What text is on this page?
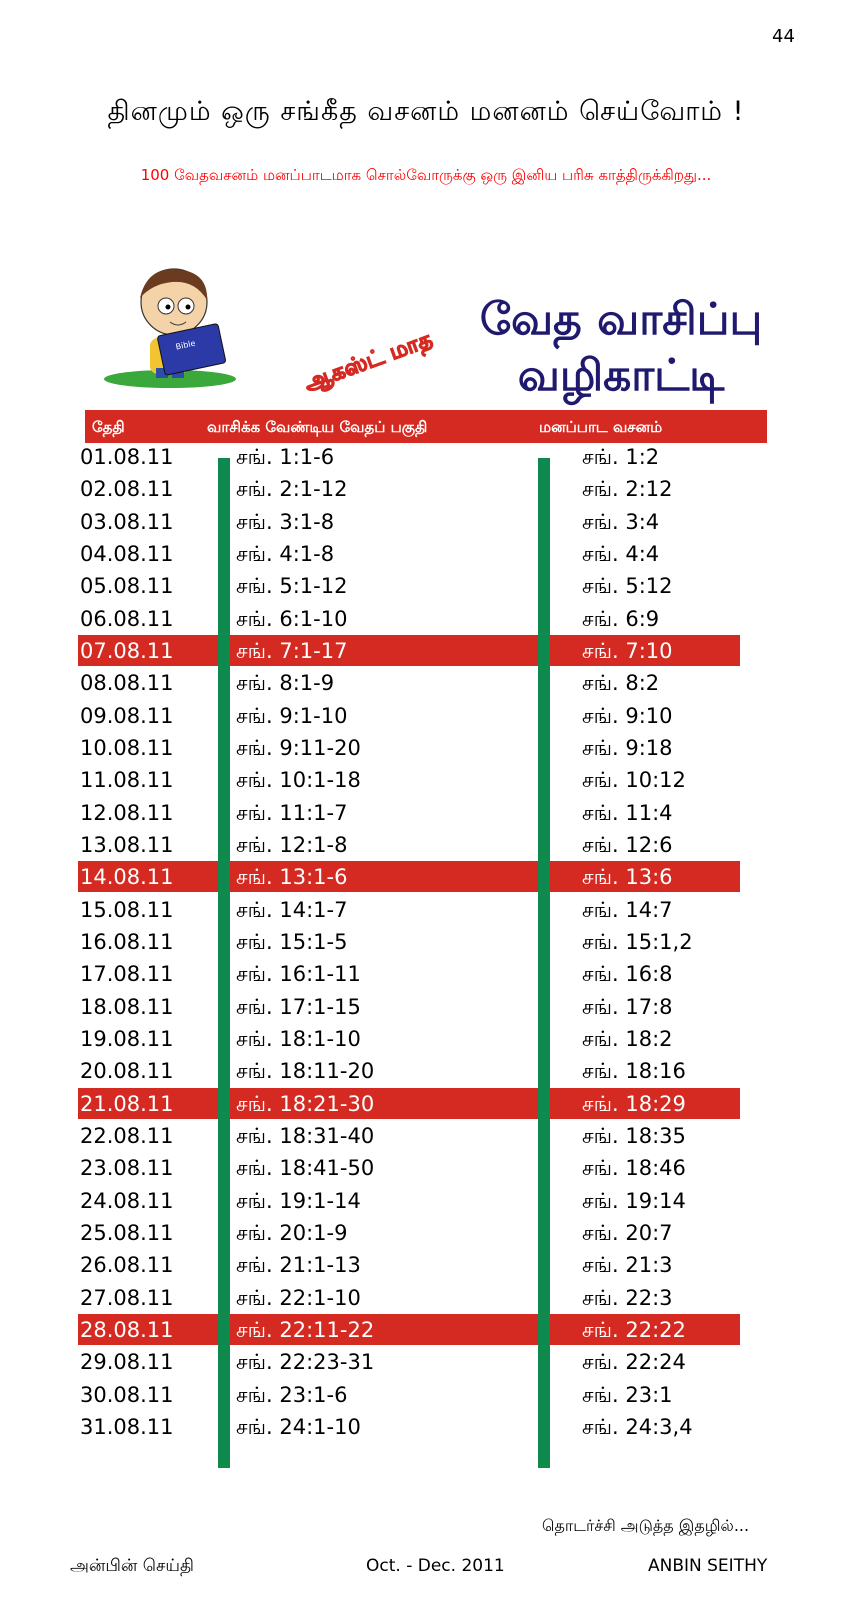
44
தினமும் ஒரு சங்கீத வசனம் மனனம் செய்வோம் !
100 வேதவசனம் மனப்பாடமாக சொல்வோருக்கு ஒரு இனிய பரிசு காத்திருக்கிறது...
Bible	ஆகஸ்ட் மாத
வேத வாசிப்பு
வழிகாட்டி
தேதி	வாசிக்க வேண்டிய வேதப் பகுதி	மனப்பாட வசனம்
01.08.11	சங். 1:1-6	சங். 1:2
02.08.11	சங். 2:1-12	சங். 2:12
03.08.11	சங். 3:1-8	சங். 3:4
04.08.11	சங். 4:1-8	சங். 4:4
05.08.11	சங். 5:1-12	சங். 5:12
06.08.11	சங். 6:1-10	சங். 6:9
07.08.11	சங். 7:1-17	சங். 7:10
08.08.11	சங். 8:1-9	சங். 8:2
09.08.11	சங். 9:1-10	சங். 9:10
10.08.11	சங். 9:11-20	சங். 9:18
11.08.11	சங். 10:1-18	சங். 10:12
12.08.11	சங். 11:1-7	சங். 11:4
13.08.11	சங். 12:1-8	சங். 12:6
14.08.11	சங். 13:1-6	சங். 13:6
15.08.11	சங். 14:1-7	சங். 14:7
16.08.11	சங். 15:1-5	சங். 15:1,2
17.08.11	சங். 16:1-11	சங். 16:8
18.08.11	சங். 17:1-15	சங். 17:8
19.08.11	சங். 18:1-10	சங். 18:2
20.08.11	சங். 18:11-20	சங். 18:16
21.08.11	சங். 18:21-30	சங். 18:29
22.08.11	சங். 18:31-40	சங். 18:35
23.08.11	சங். 18:41-50	சங். 18:46
24.08.11	சங். 19:1-14	சங். 19:14
25.08.11	சங். 20:1-9	சங். 20:7
26.08.11	சங். 21:1-13	சங். 21:3
27.08.11	சங். 22:1-10	சங். 22:3
28.08.11	சங். 22:11-22	சங். 22:22
29.08.11	சங். 22:23-31	சங். 22:24
30.08.11	சங். 23:1-6	சங். 23:1
31.08.11	சங். 24:1-10	சங். 24:3,4
தொடர்ச்சி அடுத்த இதழில்...
அன்பின் செய்தி	Oct. - Dec. 2011	ANBIN SEITHY
